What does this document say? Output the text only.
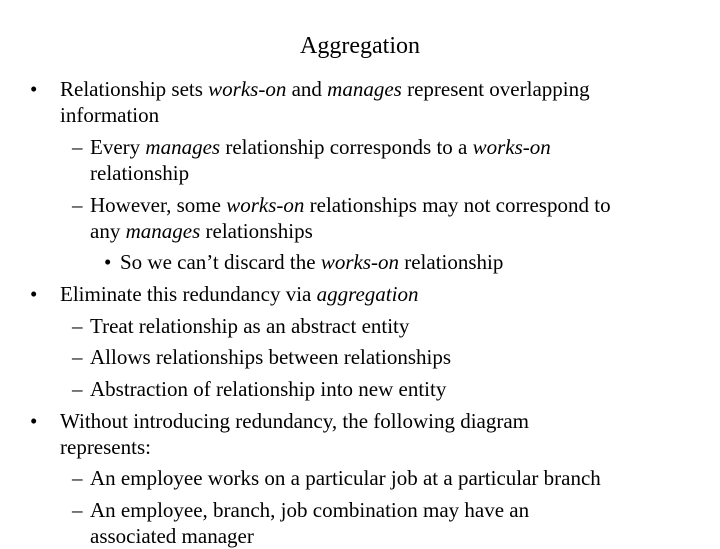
Aggregation
• Relationship sets works-on and manages represent overlapping
information
– Every manages relationship corresponds to a works-on
relationship
– However, some works-on relationships may not correspond to
any manages relationships
• So we can’t discard the works-on relationship
• Eliminate this redundancy via aggregation
– Treat relationship as an abstract entity
– Allows relationships between relationships
– Abstraction of relationship into new entity
• Without introducing redundancy, the following diagram
represents:
– An employee works on a particular job at a particular branch
– An employee, branch, job combination may have an
associated manager
